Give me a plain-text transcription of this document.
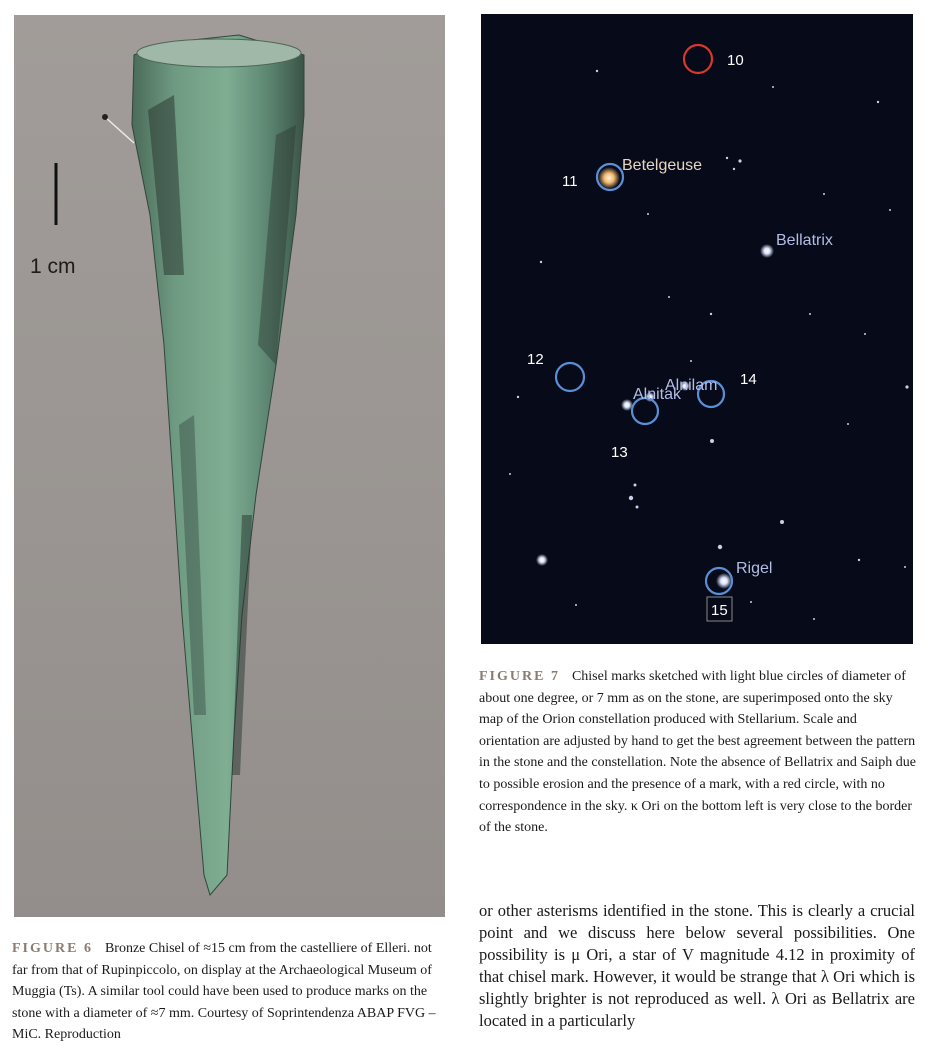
1 cm
Betelgeuse
Bellatrix
Alnilam
Alnitak
Rigel
10
11
12
13
14
15
FIGURE 7 Chisel marks sketched with light blue circles of diameter of about one degree, or 7 mm as on the stone, are superimposed onto the sky map of the Orion constellation produced with Stellarium. Scale and orientation are adjusted by hand to get the best agreement between the pattern in the stone and the constellation. Note the absence of Bellatrix and Saiph due to possible erosion and the presence of a mark, with a red circle, with no correspondence in the sky. κ Ori on the bottom left is very close to the border of the stone.
or other asterisms identified in the stone. This is clearly a crucial point and we discuss here below several possibilities. One possibility is μ Ori, a star of V magnitude 4.12 in proximity of that chisel mark. However, it would be strange that λ Ori which is slightly brighter is not reproduced as well. λ Ori as Bellatrix are located in a particularly
FIGURE 6 Bronze Chisel of ≈15 cm from the castelliere of Elleri. not far from that of Rupinpiccolo, on display at the Archaeological Museum of Muggia (Ts). A similar tool could have been used to produce marks on the stone with a diameter of ≈7 mm. Courtesy of Soprintendenza ABAP FVG – MiC. Reproduction
